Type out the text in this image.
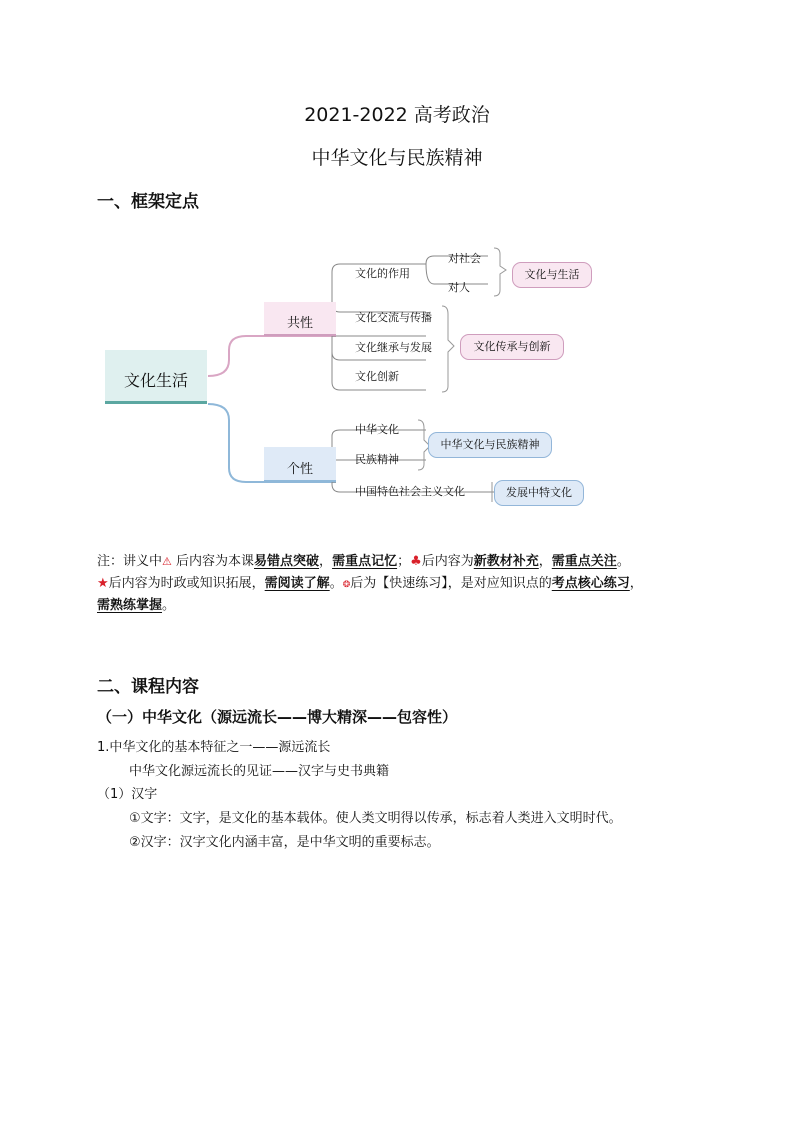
2021-2022 高考政治
中华文化与民族精神
一、框架定点
文化生活
共性
个性
文化的作用
文化交流与传播
文化继承与发展
文化创新
对社会
对人
文化与生活
文化传承与创新
中华文化
民族精神
中国特色社会主义文化
中华文化与民族精神
发展中特文化
注：讲义中⚠ 后内容为本课易错点突破，需重点记忆；♣后内容为新教材补充，需重点关注。
★后内容为时政或知识拓展，需阅读了解。❂后为【快速练习】，是对应知识点的考点核心练习，
需熟练掌握。
二、课程内容
（一）中华文化（源远流长——博大精深——包容性）
1.中华文化的基本特征之一——源远流长
中华文化源远流长的见证——汉字与史书典籍
（1）汉字
①文字：文字，是文化的基本载体。使人类文明得以传承，标志着人类进入文明时代。
②汉字：汉字文化内涵丰富，是中华文明的重要标志。
